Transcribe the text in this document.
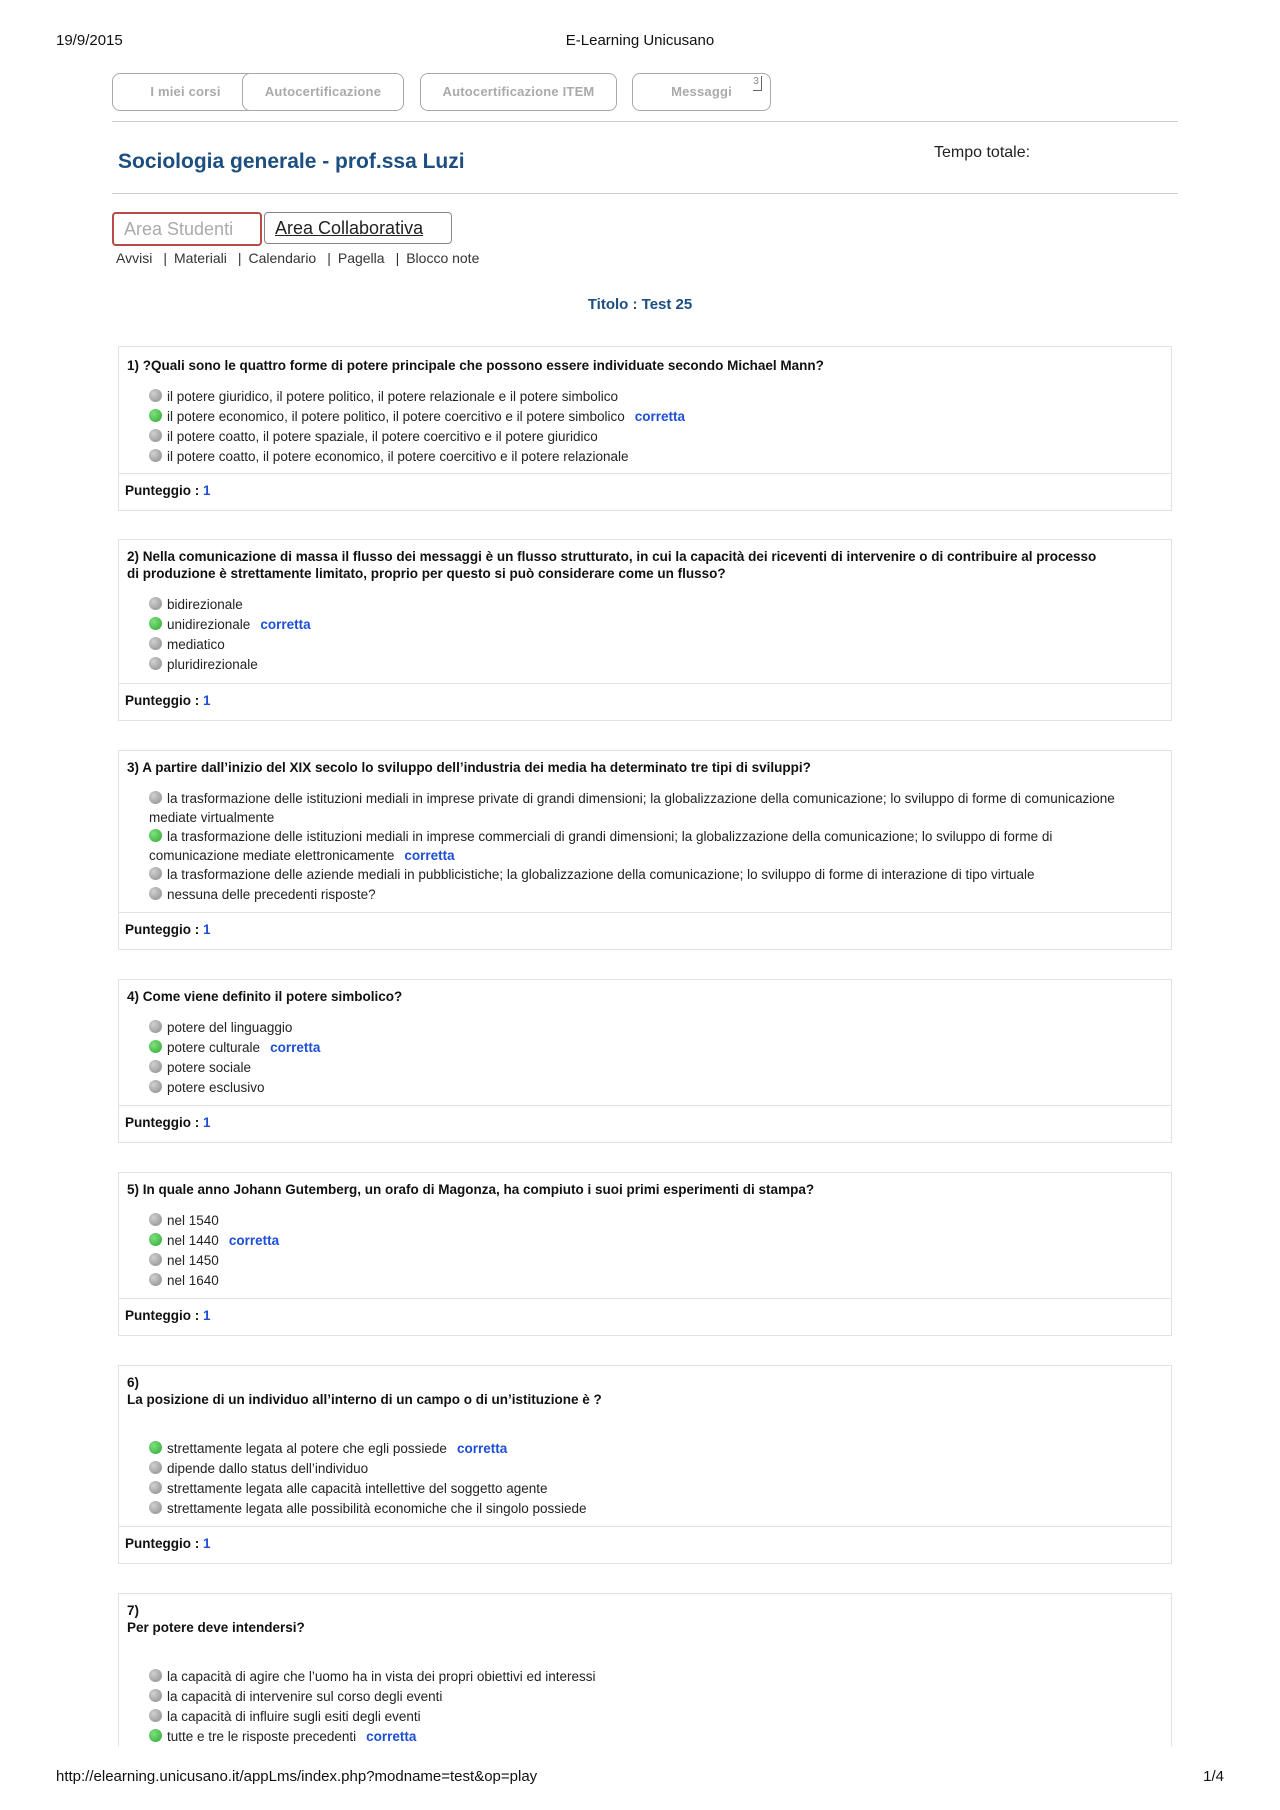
19/9/2015	E-Learning Unicusano
I miei corsi	Autocertificazione	Autocertificazione ITEM	Messaggi
3
Sociologia generale - prof.ssa Luzi	Tempo totale:
Area Studenti	Area Collaborativa
Avvisi | Materiali | Calendario | Pagella | Blocco note
Titolo : Test 25
1) ?Quali sono le quattro forme di potere principale che possono essere individuate secondo Michael Mann?
il potere giuridico, il potere politico, il potere relazionale e il potere simbolico
il potere economico, il potere politico, il potere coercitivo e il potere simbolico corretta
il potere coatto, il potere spaziale, il potere coercitivo e il potere giuridico
il potere coatto, il potere economico, il potere coercitivo e il potere relazionale
Punteggio : 1
2) Nella comunicazione di massa il flusso dei messaggi è un flusso strutturato, in cui la capacità dei riceventi di intervenire o di contribuire al processo di produzione è strettamente limitato, proprio per questo si può considerare come un flusso?
bidirezionale
unidirezionale corretta
mediatico
pluridirezionale
Punteggio : 1
3) A partire dall’inizio del XIX secolo lo sviluppo dell’industria dei media ha determinato tre tipi di sviluppi?
la trasformazione delle istituzioni mediali in imprese private di grandi dimensioni; la globalizzazione della comunicazione; lo sviluppo di forme di comunicazione mediate virtualmente
la trasformazione delle istituzioni mediali in imprese commerciali di grandi dimensioni; la globalizzazione della comunicazione; lo sviluppo di forme di comunicazione mediate elettronicamente corretta
la trasformazione delle aziende mediali in pubblicistiche; la globalizzazione della comunicazione; lo sviluppo di forme di interazione di tipo virtuale
nessuna delle precedenti risposte?
Punteggio : 1
4) Come viene definito il potere simbolico?
potere del linguaggio
potere culturale corretta
potere sociale
potere esclusivo
Punteggio : 1
5) In quale anno Johann Gutemberg, un orafo di Magonza, ha compiuto i suoi primi esperimenti di stampa?
nel 1540
nel 1440 corretta
nel 1450
nel 1640
Punteggio : 1
6)
La posizione di un individuo all’interno di un campo o di un’istituzione è ?
strettamente legata al potere che egli possiede corretta
dipende dallo status dell’individuo
strettamente legata alle capacità intellettive del soggetto agente
strettamente legata alle possibilità economiche che il singolo possiede
Punteggio : 1
7)
Per potere deve intendersi?
la capacità di agire che l’uomo ha in vista dei propri obiettivi ed interessi
la capacità di intervenire sul corso degli eventi
la capacità di influire sugli esiti degli eventi
tutte e tre le risposte precedenti corretta
http://elearning.unicusano.it/appLms/index.php?modname=test&op=play	1/4
